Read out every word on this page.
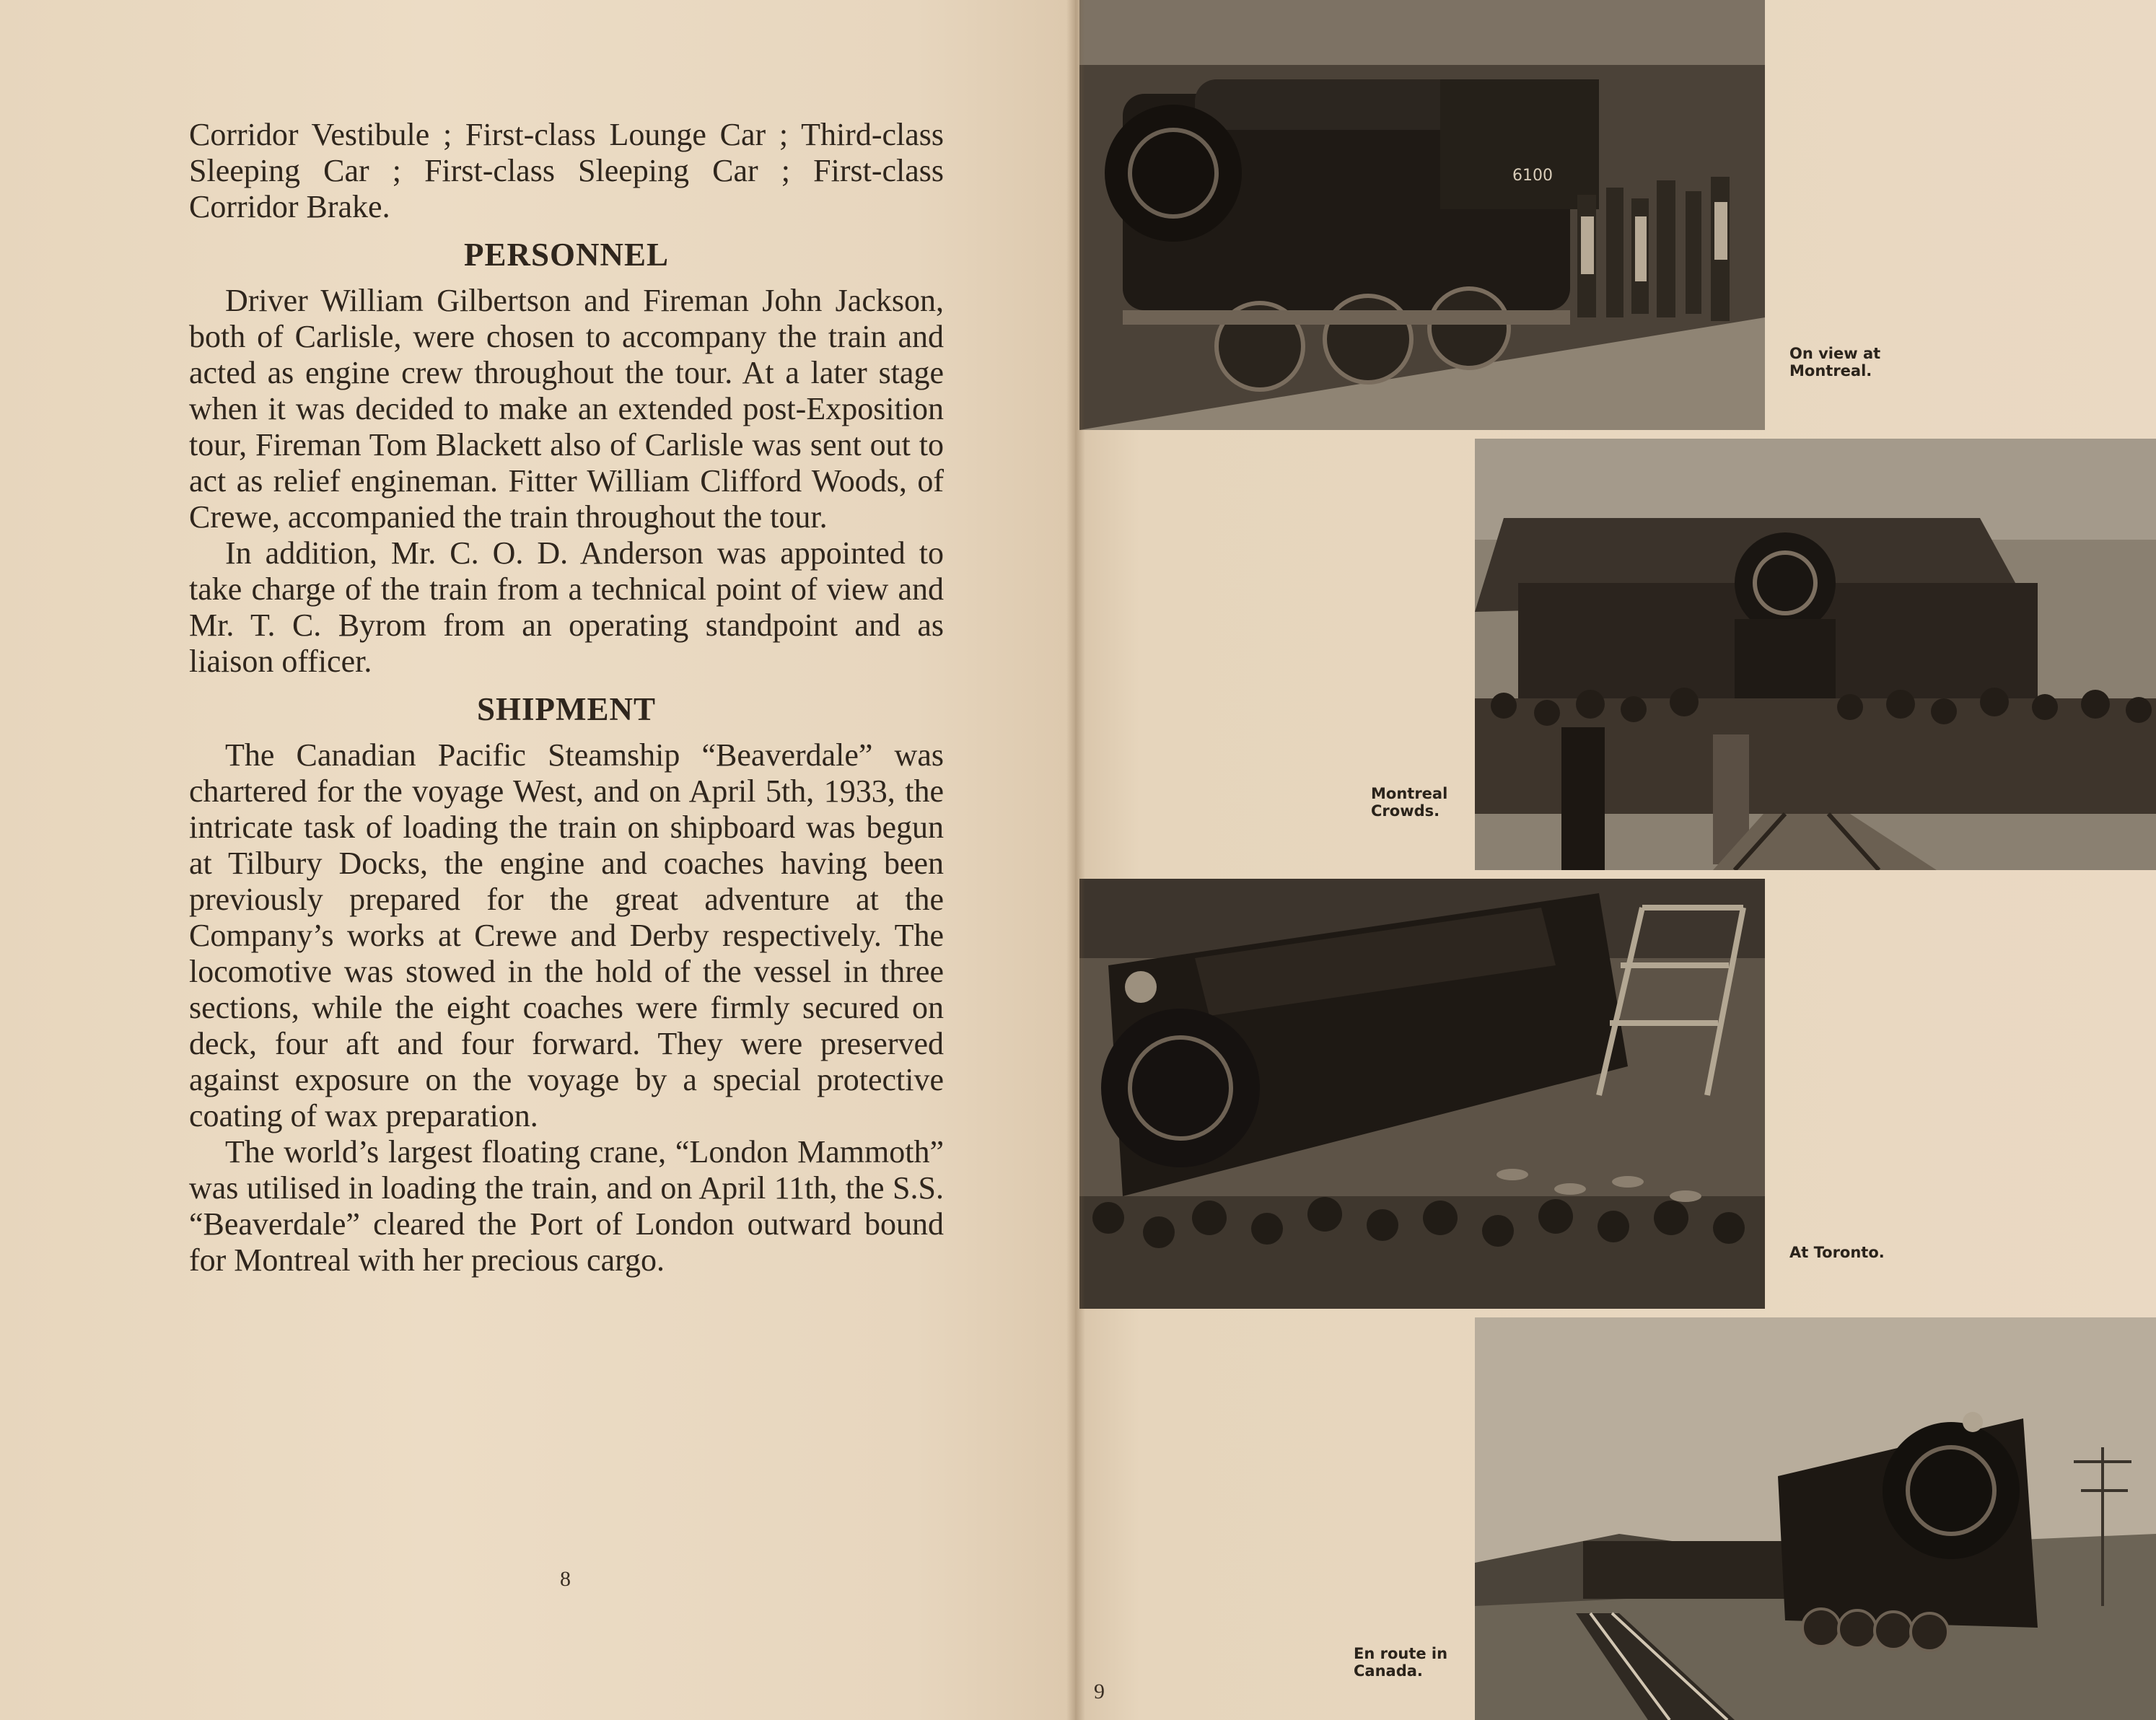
Corridor Vestibule ; First-class Lounge Car ; Third-class Sleeping Car ; First-class Sleeping Car ; First-class Corridor Brake.

PERSONNEL

Driver William Gilbertson and Fireman John Jackson, both of Carlisle, were chosen to accompany the train and acted as engine crew throughout the tour. At a later stage when it was decided to make an extended post-Exposition tour, Fireman Tom Blackett also of Carlisle was sent out to act as relief engineman. Fitter William Clifford Woods, of Crewe, accompanied the train throughout the tour.

In addition, Mr. C. O. D. Anderson was appointed to take charge of the train from a technical point of view and Mr. T. C. Byrom from an operating standpoint and as liaison officer.

SHIPMENT

The Canadian Pacific Steamship “Beaverdale” was chartered for the voyage West, and on April 5th, 1933, the intricate task of loading the train on shipboard was begun at Tilbury Docks, the engine and coaches having been previously prepared for the great adventure at the Company’s works at Crewe and Derby respectively. The locomotive was stowed in the hold of the vessel in three sections, while the eight coaches were firmly secured on deck, four aft and four forward. They were preserved against exposure on the voyage by a special protective coating of wax preparation.

The world’s largest floating crane, “London Mammoth” was utilised in loading the train, and on April 11th, the S.S. “Beaverdale” cleared the Port of London outward bound for Montreal with her precious cargo.

8
6100
On view at
Montreal.
Montreal
Crowds.
At Toronto.
En route in
Canada.
9
